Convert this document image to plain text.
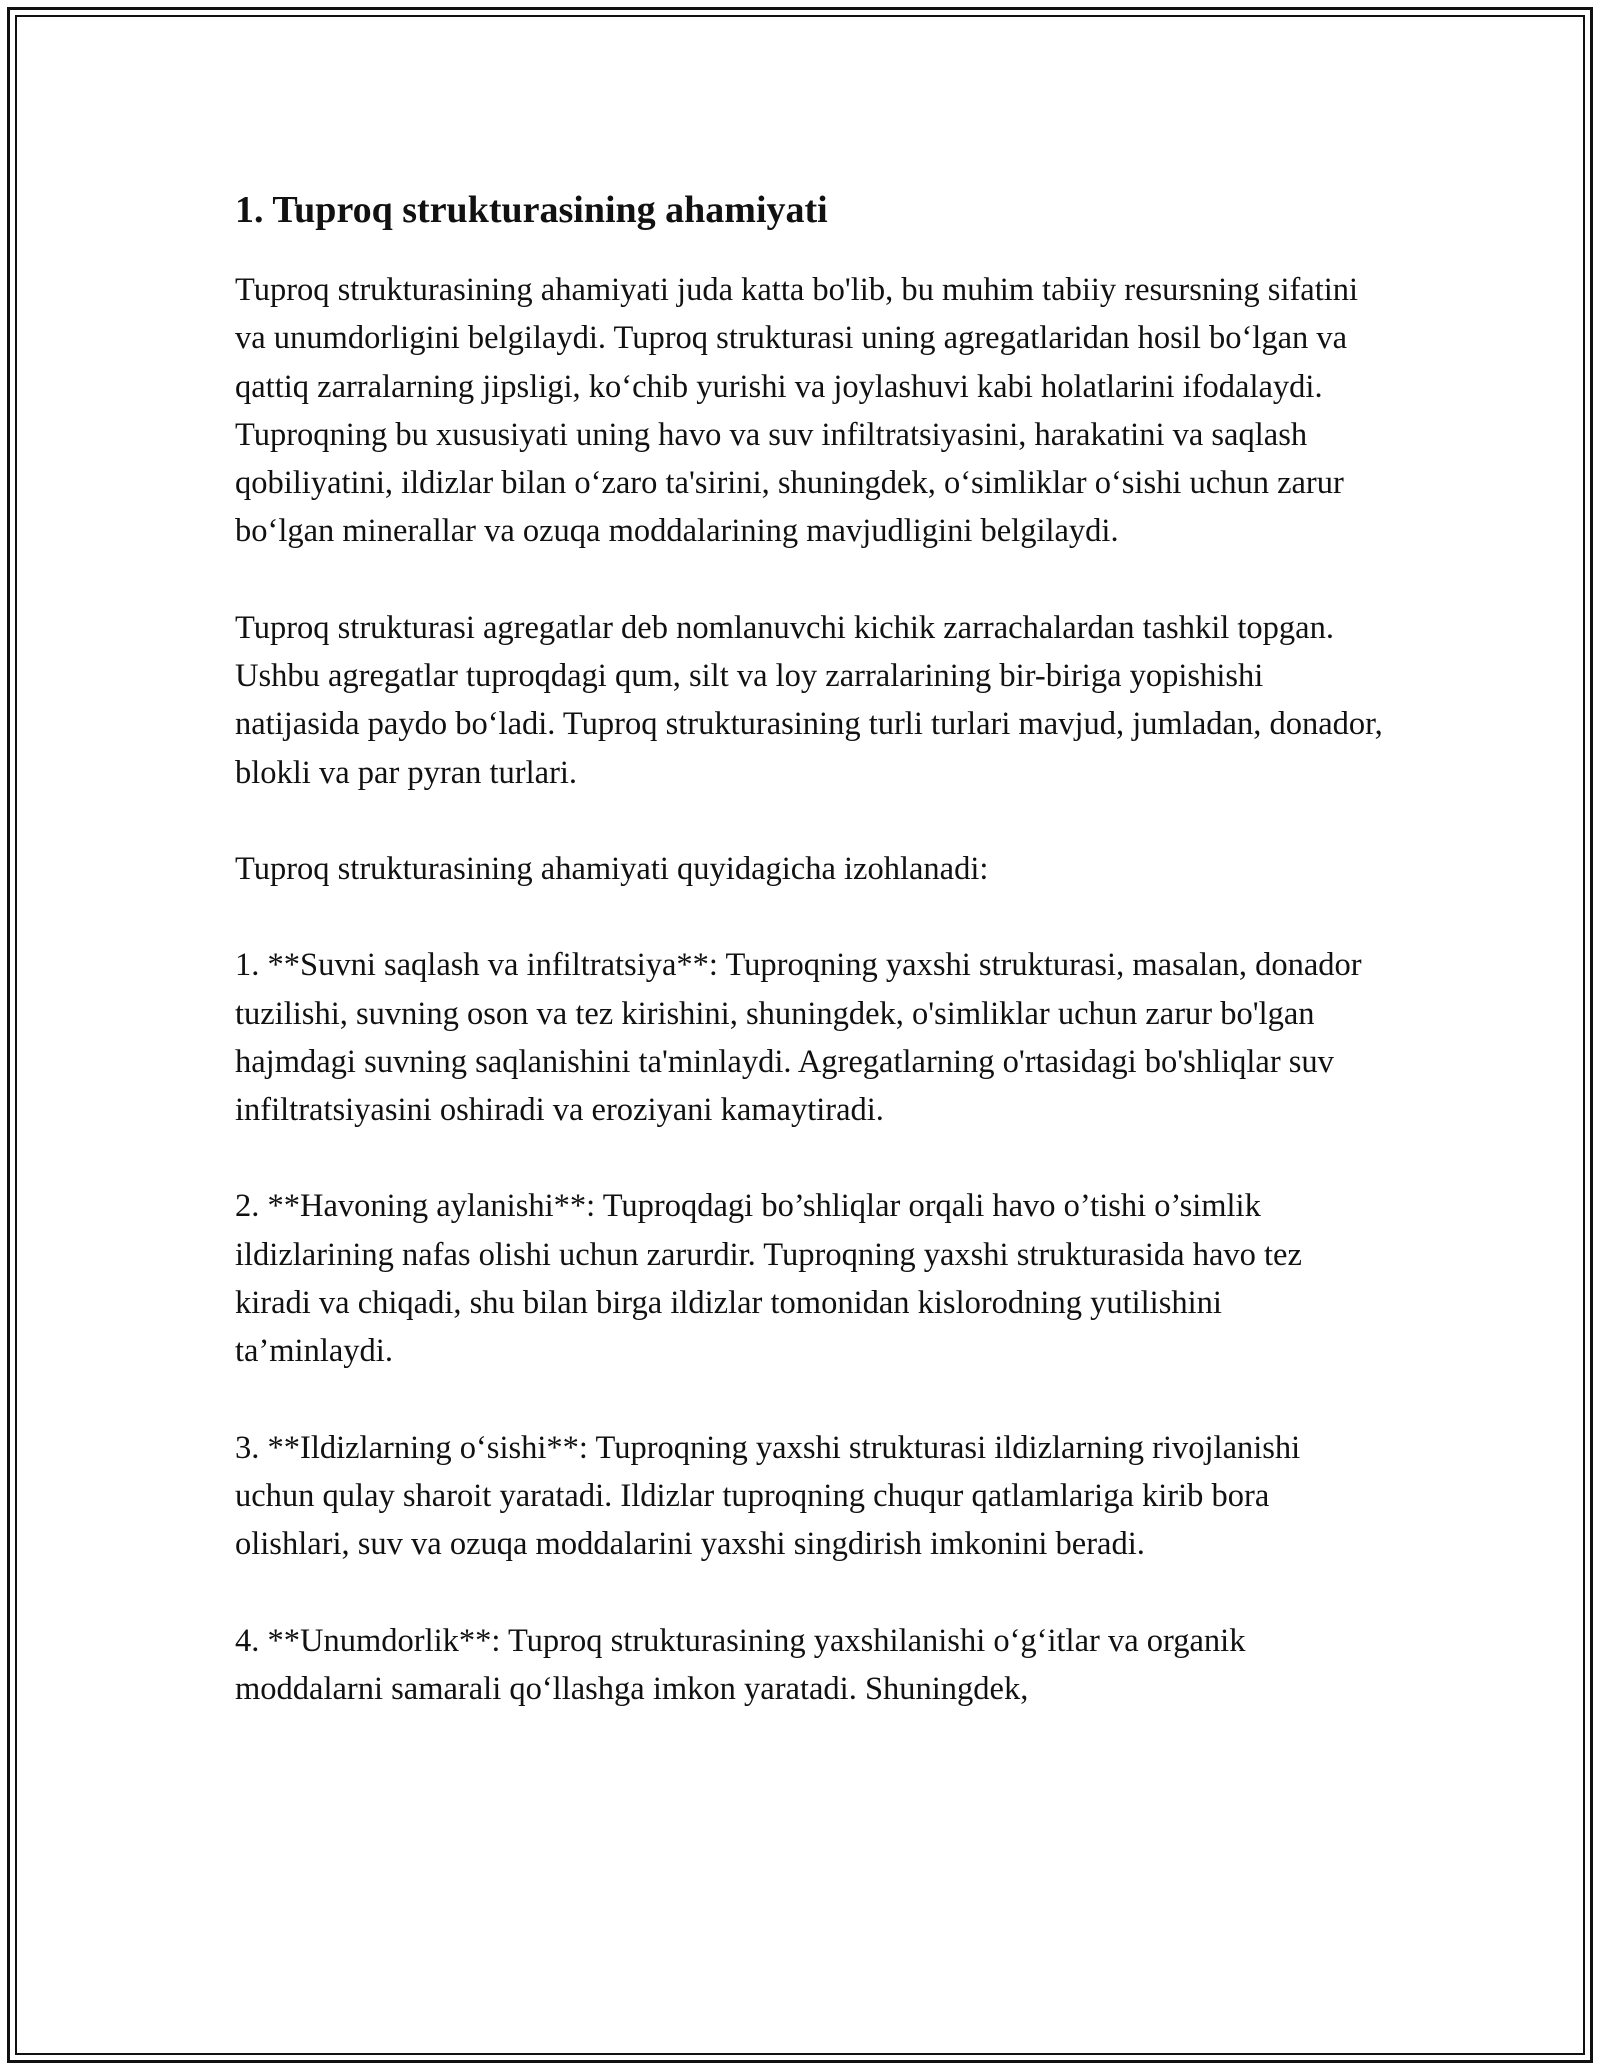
1. Tuproq strukturasining ahamiyati

Tuproq strukturasining ahamiyati juda katta bo'lib, bu muhim tabiiy resursning sifatini va unumdorligini belgilaydi. Tuproq strukturasi uning agregatlaridan hosil bo‘lgan va qattiq zarralarning jipsligi, ko‘chib yurishi va joylashuvi kabi holatlarini ifodalaydi. Tuproqning bu xususiyati uning havo va suv infiltratsiyasini, harakatini va saqlash qobiliyatini, ildizlar bilan o‘zaro ta'sirini, shuningdek, o‘simliklar o‘sishi uchun zarur bo‘lgan minerallar va ozuqa moddalarining mavjudligini belgilaydi.

Tuproq strukturasi agregatlar deb nomlanuvchi kichik zarrachalardan tashkil topgan. Ushbu agregatlar tuproqdagi qum, silt va loy zarralarining bir-biriga yopishishi natijasida paydo bo‘ladi. Tuproq strukturasining turli turlari mavjud, jumladan, donador, blokli va par pyran turlari.

Tuproq strukturasining ahamiyati quyidagicha izohlanadi:

1. **Suvni saqlash va infiltratsiya**: Tuproqning yaxshi strukturasi, masalan, donador tuzilishi, suvning oson va tez kirishini, shuningdek, o'simliklar uchun zarur bo'lgan hajmdagi suvning saqlanishini ta'minlaydi. Agregatlarning o'rtasidagi bo'shliqlar suv infiltratsiyasini oshiradi va eroziyani kamaytiradi.

2. **Havoning aylanishi**: Tuproqdagi bo’shliqlar orqali havo o’tishi o’simlik ildizlarining nafas olishi uchun zarurdir. Tuproqning yaxshi strukturasida havo tez kiradi va chiqadi, shu bilan birga ildizlar tomonidan kislorodning yutilishini ta’minlaydi.

3. **Ildizlarning o‘sishi**: Tuproqning yaxshi strukturasi ildizlarning rivojlanishi uchun qulay sharoit yaratadi. Ildizlar tuproqning chuqur qatlamlariga kirib bora olishlari, suv va ozuqa moddalarini yaxshi singdirish imkonini beradi.

4. **Unumdorlik**: Tuproq strukturasining yaxshilanishi o‘g‘itlar va organik moddalarni samarali qo‘llashga imkon yaratadi. Shuningdek,
